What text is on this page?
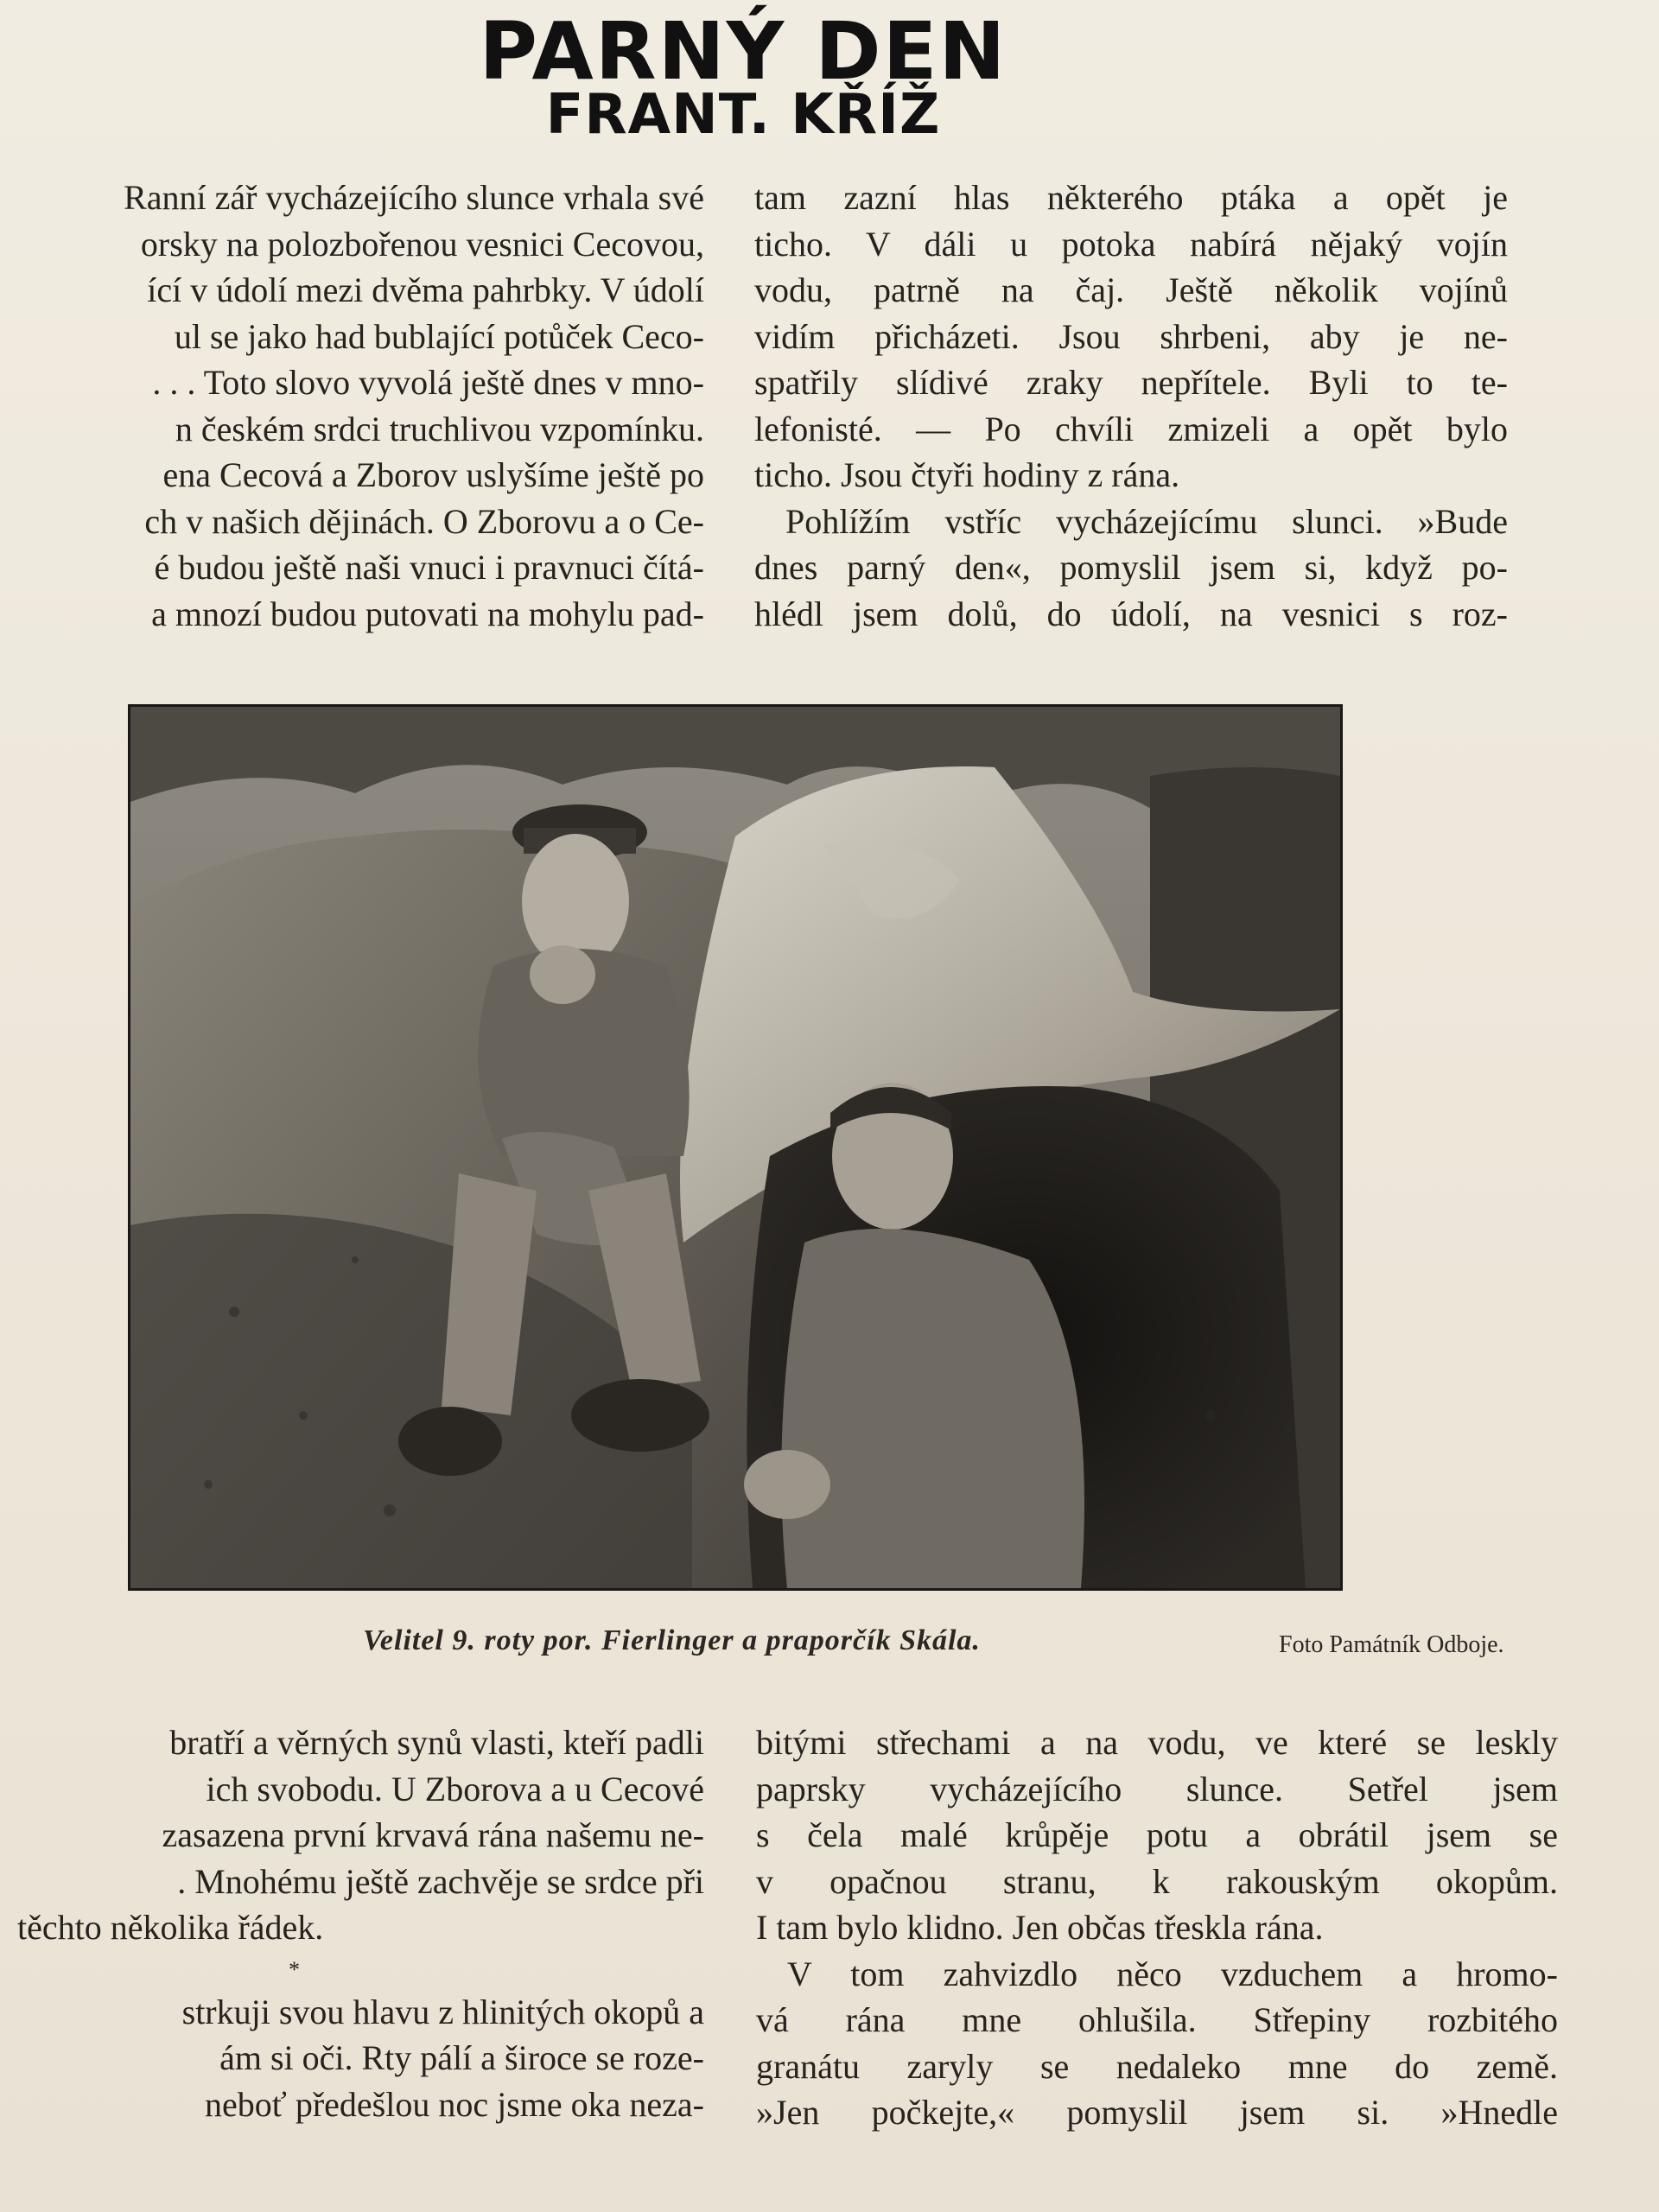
PARNÝ DEN
FRANT. KŘÍŽ
Ranní zář vycházejícího slunce vrhala své
orsky na polozbořenou vesnici Cecovou,
ící v údolí mezi dvěma pahrbky. V údolí
ul se jako had bublající potůček Ceco-
. . . Toto slovo vyvolá ještě dnes v mno-
n českém srdci truchlivou vzpomínku.
ena Cecová a Zborov uslyšíme ještě po
ch v našich dějinách. O Zborovu a o Ce-
é budou ještě naši vnuci i pravnuci čítá-
a mnozí budou putovati na mohylu pad-
tam zazní hlas některého ptáka a opět je
ticho. V dáli u potoka nabírá nějaký vojín
vodu, patrně na čaj. Ještě několik vojínů
vidím přicházeti. Jsou shrbeni, aby je ne-
spatřily slídivé zraky nepřítele. Byli to te-
lefonisté. — Po chvíli zmizeli a opět bylo
ticho. Jsou čtyři hodiny z rána.
Pohlížím vstříc vycházejícímu slunci. »Bude
dnes parný den«, pomyslil jsem si, když po-
hlédl jsem dolů, do údolí, na vesnici s roz-
Velitel 9. roty por. Fierlinger a praporčík Skála.	Foto Památník Odboje.
bratří a věrných synů vlasti, kteří padli
ich svobodu. U Zborova a u Cecové
zasazena první krvavá rána našemu ne-
. Mnohému ještě zachvěje se srdce při
těchto několika řádek.
*
strkuji svou hlavu z hlinitých okopů a
ám si oči. Rty pálí a široce se roze-
neboť předešlou noc jsme oka neza-
bitými střechami a na vodu, ve které se leskly
paprsky vycházejícího slunce. Setřel jsem
s čela malé krůpěje potu a obrátil jsem se
v opačnou stranu, k rakouským okopům.
I tam bylo klidno. Jen občas třeskla rána.
V tom zahvizdlo něco vzduchem a hromo-
vá rána mne ohlušila. Střepiny rozbitého
granátu zaryly se nedaleko mne do země.
»Jen počkejte,« pomyslil jsem si. »Hnedle
